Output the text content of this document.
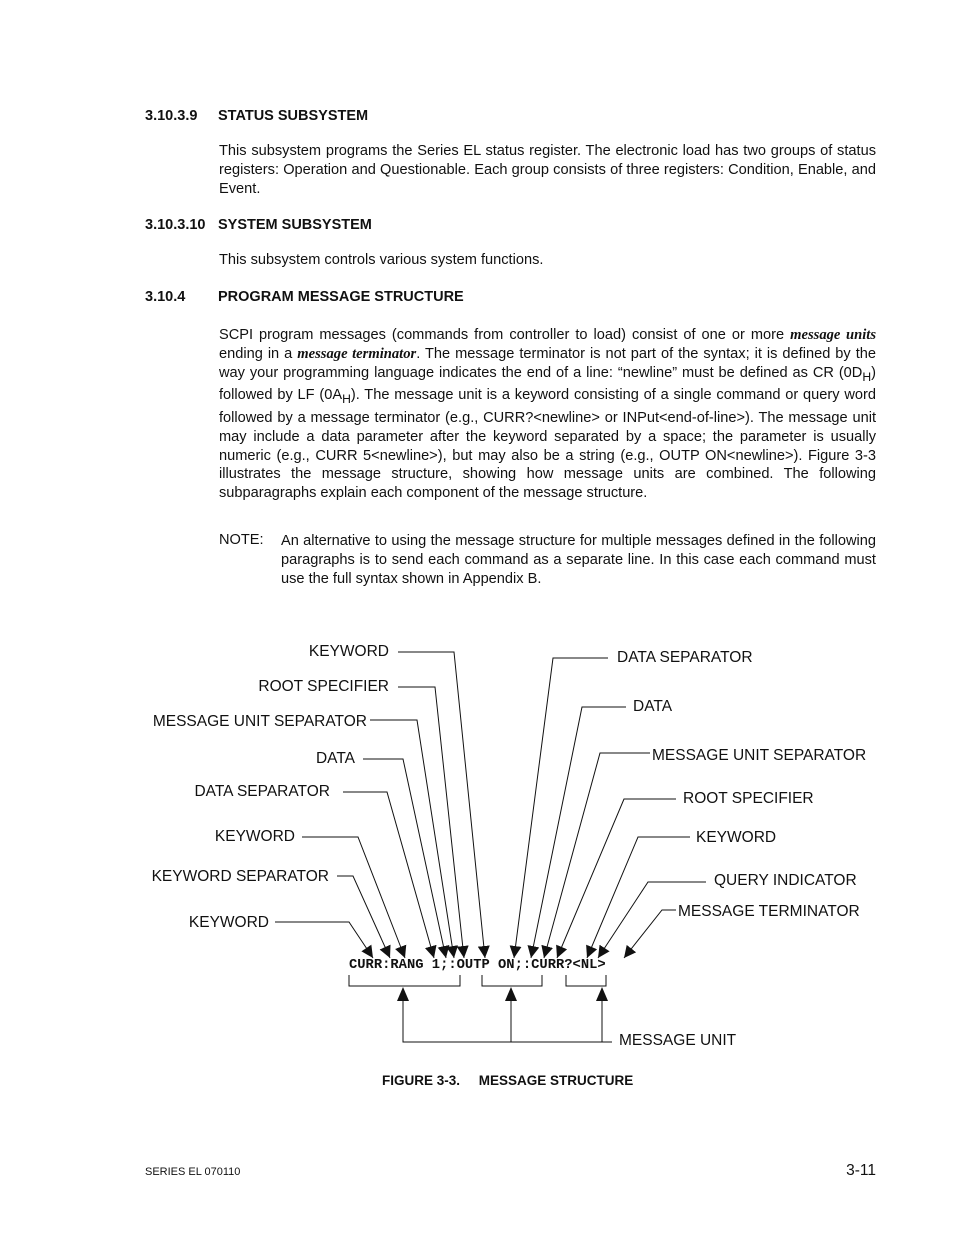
3.10.3.9 STATUS SUBSYSTEM
This subsystem programs the Series EL status register. The electronic load has two groups of status registers: Operation and Questionable. Each group consists of three registers: Condition, Enable, and Event.
3.10.3.10 SYSTEM SUBSYSTEM
This subsystem controls various system functions.
3.10.4 PROGRAM MESSAGE STRUCTURE
SCPI program messages (commands from controller to load) consist of one or more message units ending in a message terminator. The message terminator is not part of the syntax; it is defined by the way your programming language indicates the end of a line: “newline” must be defined as CR $(0D_H)$ followed by LF $(0A_H)$. The message unit is a keyword consisting of a single command or query word followed by a message terminator (e.g., CURR?<newline> or INPut<end-of-line>). The message unit may include a data parameter after the keyword separated by a space; the parameter is usually numeric (e.g., CURR 5<newline>), but may also be a string (e.g., OUTP ON<newline>). Figure 3-3 illustrates the message structure, showing how message units are combined. The following subparagraphs explain each component of the message structure.
NOTE: An alternative to using the message structure for multiple messages defined in the following paragraphs is to send each command as a separate line. In this case each command must use the full syntax shown in Appendix B.
KEYWORD
ROOT SPECIFIER
MESSAGE UNIT SEPARATOR
DATA
DATA SEPARATOR
KEYWORD
KEYWORD SEPARATOR
KEYWORD
DATA SEPARATOR
DATA
MESSAGE UNIT SEPARATOR
ROOT SPECIFIER
KEYWORD
QUERY INDICATOR
MESSAGE TERMINATOR
CURR:RANG 1;:OUTP ON;:CURR?<NL>
MESSAGE UNIT
FIGURE 3-3. MESSAGE STRUCTURE
SERIES EL 070110	3-11
